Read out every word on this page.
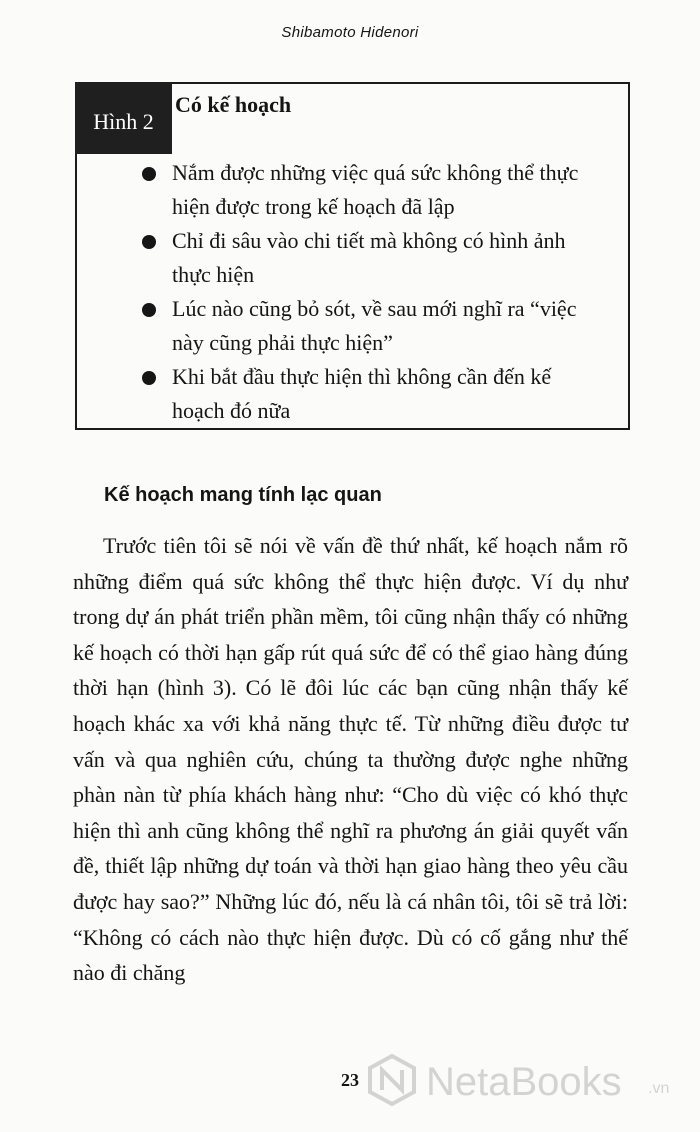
Shibamoto Hidenori
Hình 2
Có kế hoạch
Nắm được những việc quá sức không thể thực hiện được trong kế hoạch đã lập
Chỉ đi sâu vào chi tiết mà không có hình ảnh thực hiện
Lúc nào cũng bỏ sót, về sau mới nghĩ ra “việc này cũng phải thực hiện”
Khi bắt đầu thực hiện thì không cần đến kế hoạch đó nữa
Kế hoạch mang tính lạc quan

Trước tiên tôi sẽ nói về vấn đề thứ nhất, kế hoạch nắm rõ những điểm quá sức không thể thực hiện được. Ví dụ như trong dự án phát triển phần mềm, tôi cũng nhận thấy có những kế hoạch có thời hạn gấp rút quá sức để có thể giao hàng đúng thời hạn (hình 3). Có lẽ đôi lúc các bạn cũng nhận thấy kế hoạch khác xa với khả năng thực tế. Từ những điều được tư vấn và qua nghiên cứu, chúng ta thường được nghe những phàn nàn từ phía khách hàng như: “Cho dù việc có khó thực hiện thì anh cũng không thể nghĩ ra phương án giải quyết vấn đề, thiết lập những dự toán và thời hạn giao hàng theo yêu cầu được hay sao?” Những lúc đó, nếu là cá nhân tôi, tôi sẽ trả lời: “Không có cách nào thực hiện được. Dù có cố gắng như thế nào đi chăng

23	NetaBooks .vn
